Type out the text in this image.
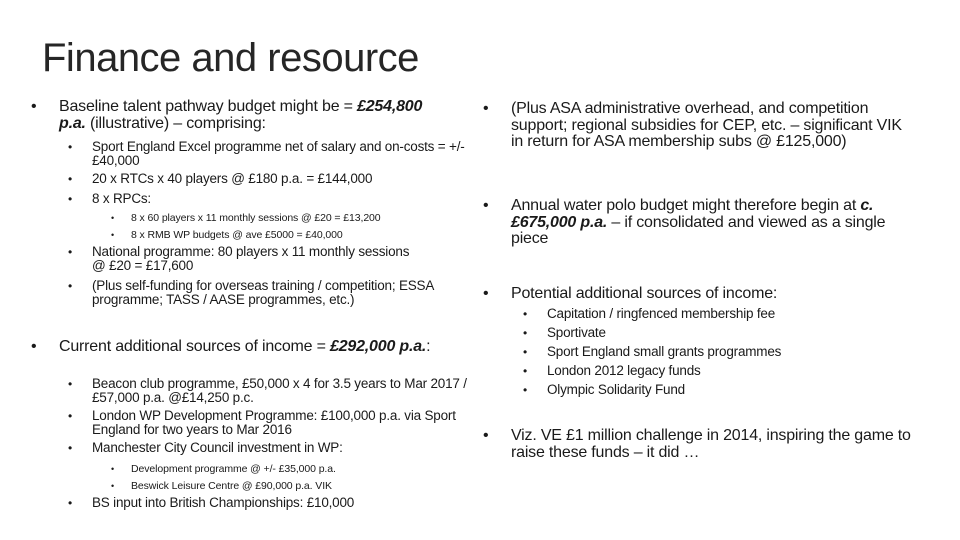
Finance and resource
• Baseline talent pathway budget might be = £254,800 p.a. (illustrative) – comprising:
• Sport England Excel programme net of salary and on-costs = +/- £40,000
• 20 x RTCs x 40 players @ £180 p.a. = £144,000
• 8 x RPCs:
• 8 x 60 players x 11 monthly sessions @ £20 = £13,200
• 8 x RMB WP budgets @ ave £5000 = £40,000
• National programme: 80 players x 11 monthly sessions @ £20 = £17,600
• (Plus self-funding for overseas training / competition; ESSA programme; TASS / AASE programmes, etc.)
• Current additional sources of income = £292,000 p.a.:
• Beacon club programme, £50,000 x 4 for 3.5 years to Mar 2017 / £57,000 p.a. @£14,250 p.c.
• London WP Development Programme: £100,000 p.a. via Sport England for two years to Mar 2016
• Manchester City Council investment in WP:
• Development programme @ +/- £35,000 p.a.
• Beswick Leisure Centre @ £90,000 p.a. VIK
• BS input into British Championships: £10,000
• (Plus ASA administrative overhead, and competition support; regional subsidies for CEP, etc. – significant VIK in return for ASA membership subs @ £125,000)
• Annual water polo budget might therefore begin at c.£675,000 p.a. – if consolidated and viewed as a single piece
• Potential additional sources of income:
• Capitation / ringfenced membership fee
• Sportivate
• Sport England small grants programmes
• London 2012 legacy funds
• Olympic Solidarity Fund
• Viz. VE £1 million challenge in 2014, inspiring the game to raise these funds – it did …
